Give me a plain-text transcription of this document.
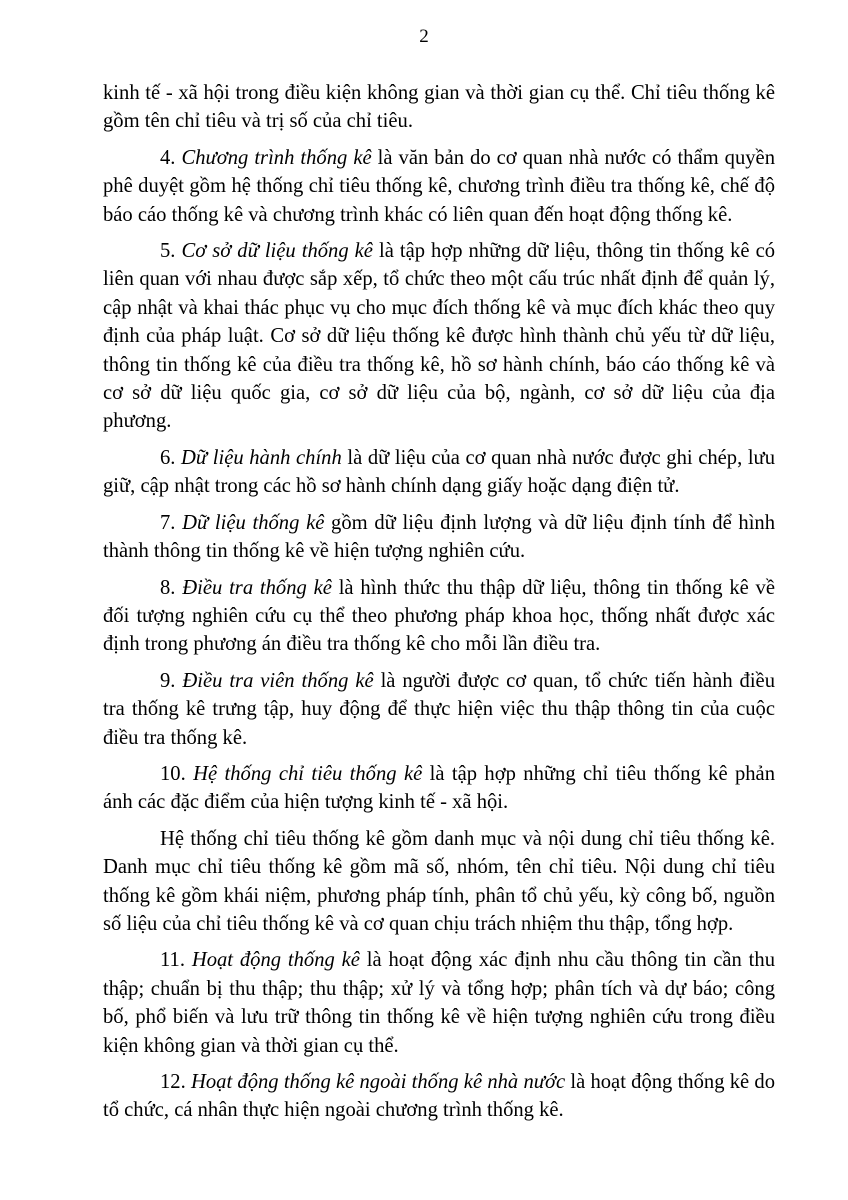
2

kinh tế - xã hội trong điều kiện không gian và thời gian cụ thể. Chỉ tiêu thống kê gồm tên chỉ tiêu và trị số của chỉ tiêu.

4. Chương trình thống kê là văn bản do cơ quan nhà nước có thẩm quyền phê duyệt gồm hệ thống chỉ tiêu thống kê, chương trình điều tra thống kê, chế độ báo cáo thống kê và chương trình khác có liên quan đến hoạt động thống kê.

5. Cơ sở dữ liệu thống kê là tập hợp những dữ liệu, thông tin thống kê có liên quan với nhau được sắp xếp, tổ chức theo một cấu trúc nhất định để quản lý, cập nhật và khai thác phục vụ cho mục đích thống kê và mục đích khác theo quy định của pháp luật. Cơ sở dữ liệu thống kê được hình thành chủ yếu từ dữ liệu, thông tin thống kê của điều tra thống kê, hồ sơ hành chính, báo cáo thống kê và cơ sở dữ liệu quốc gia, cơ sở dữ liệu của bộ, ngành, cơ sở dữ liệu của địa phương.

6. Dữ liệu hành chính là dữ liệu của cơ quan nhà nước được ghi chép, lưu giữ, cập nhật trong các hồ sơ hành chính dạng giấy hoặc dạng điện tử.

7. Dữ liệu thống kê gồm dữ liệu định lượng và dữ liệu định tính để hình thành thông tin thống kê về hiện tượng nghiên cứu.

8. Điều tra thống kê là hình thức thu thập dữ liệu, thông tin thống kê về đối tượng nghiên cứu cụ thể theo phương pháp khoa học, thống nhất được xác định trong phương án điều tra thống kê cho mỗi lần điều tra.

9. Điều tra viên thống kê là người được cơ quan, tổ chức tiến hành điều tra thống kê trưng tập, huy động để thực hiện việc thu thập thông tin của cuộc điều tra thống kê.

10. Hệ thống chỉ tiêu thống kê là tập hợp những chỉ tiêu thống kê phản ánh các đặc điểm của hiện tượng kinh tế - xã hội.

Hệ thống chỉ tiêu thống kê gồm danh mục và nội dung chỉ tiêu thống kê. Danh mục chỉ tiêu thống kê gồm mã số, nhóm, tên chỉ tiêu. Nội dung chỉ tiêu thống kê gồm khái niệm, phương pháp tính, phân tổ chủ yếu, kỳ công bố, nguồn số liệu của chỉ tiêu thống kê và cơ quan chịu trách nhiệm thu thập, tổng hợp.

11. Hoạt động thống kê là hoạt động xác định nhu cầu thông tin cần thu thập; chuẩn bị thu thập; thu thập; xử lý và tổng hợp; phân tích và dự báo; công bố, phổ biến và lưu trữ thông tin thống kê về hiện tượng nghiên cứu trong điều kiện không gian và thời gian cụ thể.

12. Hoạt động thống kê ngoài thống kê nhà nước là hoạt động thống kê do tổ chức, cá nhân thực hiện ngoài chương trình thống kê.
